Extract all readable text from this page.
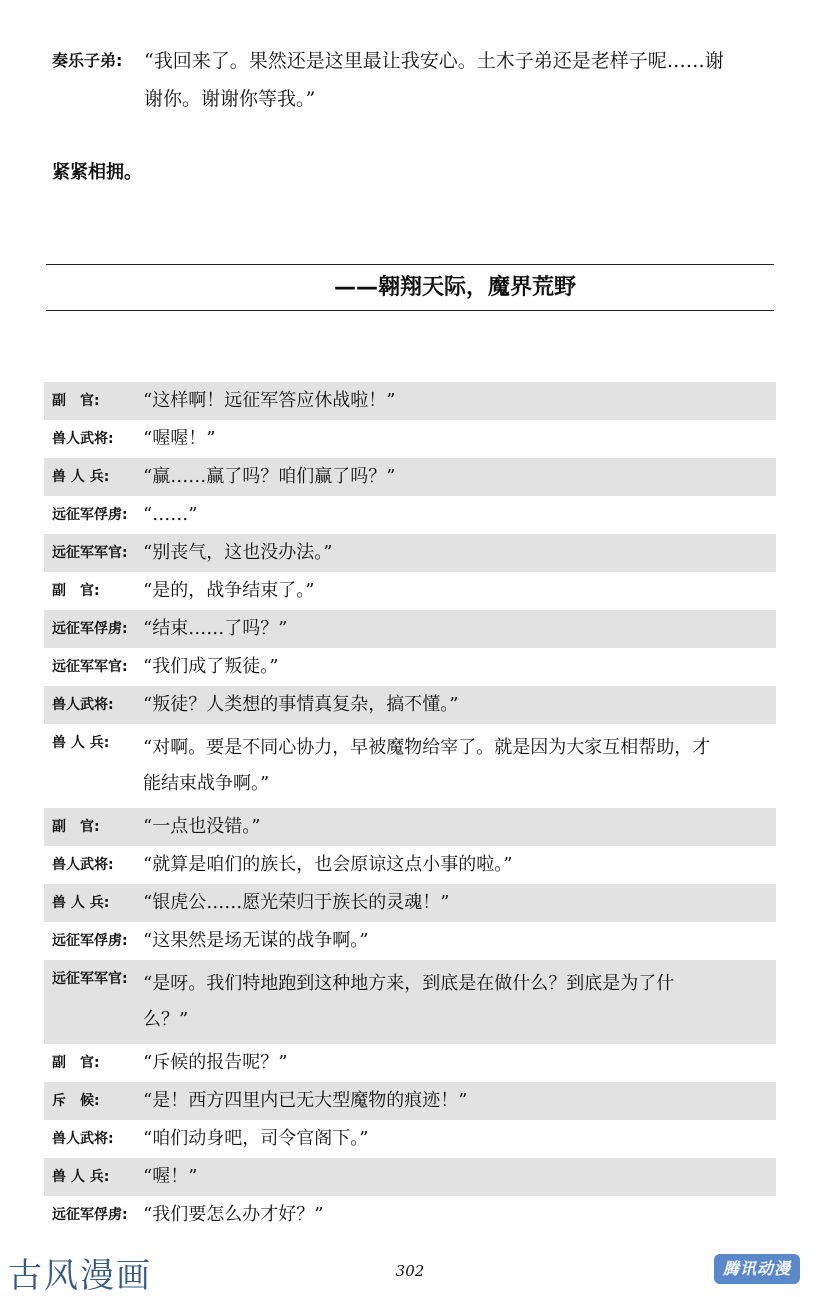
奏乐子弟: “我回来了。果然还是这里最让我安心。土木子弟还是老样子呢……谢
谢你。谢谢你等我。”
紧紧相拥。
——翱翔天际，魔界荒野
副　官: “这样啊！远征军答应休战啦！”
兽人武将: “喔喔！”
兽 人 兵: “赢……赢了吗？咱们赢了吗？”
远征军俘虏: “……”
远征军军官: “别丧气，这也没办法。”
副　官: “是的，战争结束了。”
远征军俘虏: “结束……了吗？”
远征军军官: “我们成了叛徒。”
兽人武将: “叛徒？人类想的事情真复杂，搞不懂。”
兽 人 兵: “对啊。要是不同心协力，早被魔物给宰了。就是因为大家互相帮助，才
能结束战争啊。”
副　官: “一点也没错。”
兽人武将: “就算是咱们的族长，也会原谅这点小事的啦。”
兽 人 兵: “银虎公……愿光荣归于族长的灵魂！”
远征军俘虏: “这果然是场无谋的战争啊。”
远征军军官: “是呀。我们特地跑到这种地方来，到底是在做什么？到底是为了什
么？”
副　官: “斥候的报告呢？”
斥　候: “是！西方四里内已无大型魔物的痕迹！”
兽人武将: “咱们动身吧，司令官阁下。”
兽 人 兵: “喔！”
远征军俘虏: “我们要怎么办才好？”
古风漫画	302	腾讯动漫
